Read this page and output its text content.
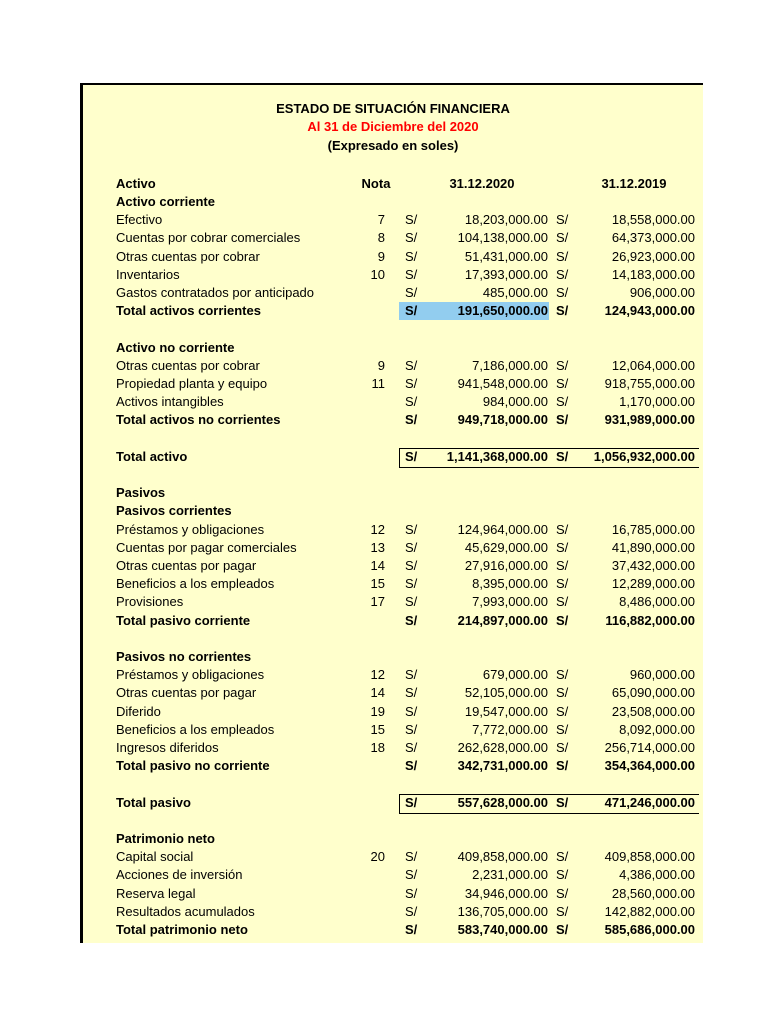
ESTADO DE SITUACIÓN FINANCIERA
Al 31 de Diciembre del 2020
(Expresado en soles)
Activo	Nota	31.12.2020	31.12.2019
Activo corriente
Efectivo	7 S/	18,203,000.00 S/	18,558,000.00
Cuentas por cobrar comerciales	8 S/	104,138,000.00 S/	64,373,000.00
Otras cuentas por cobrar	9 S/	51,431,000.00 S/	26,923,000.00
Inventarios	10 S/	17,393,000.00 S/	14,183,000.00
Gastos contratados por anticipado	S/	485,000.00 S/	906,000.00
Total activos corrientes	S/	191,650,000.00 S/	124,943,000.00
Activo no corriente
Otras cuentas por cobrar	9 S/	7,186,000.00 S/	12,064,000.00
Propiedad planta y equipo	11 S/	941,548,000.00 S/	918,755,000.00
Activos intangibles	S/	984,000.00 S/	1,170,000.00
Total activos no corrientes	S/	949,718,000.00 S/	931,989,000.00
Total activo	S/	1,141,368,000.00 S/	1,056,932,000.00
Pasivos
Pasivos corrientes
Préstamos y obligaciones	12 S/	124,964,000.00 S/	16,785,000.00
Cuentas por pagar comerciales	13 S/	45,629,000.00 S/	41,890,000.00
Otras cuentas por pagar	14 S/	27,916,000.00 S/	37,432,000.00
Beneficios a los empleados	15 S/	8,395,000.00 S/	12,289,000.00
Provisiones	17 S/	7,993,000.00 S/	8,486,000.00
Total pasivo corriente	S/	214,897,000.00 S/	116,882,000.00
Pasivos no corrientes
Préstamos y obligaciones	12 S/	679,000.00 S/	960,000.00
Otras cuentas por pagar	14 S/	52,105,000.00 S/	65,090,000.00
Diferido	19 S/	19,547,000.00 S/	23,508,000.00
Beneficios a los empleados	15 S/	7,772,000.00 S/	8,092,000.00
Ingresos diferidos	18 S/	262,628,000.00 S/	256,714,000.00
Total pasivo no corriente	S/	342,731,000.00 S/	354,364,000.00
Total pasivo	S/	557,628,000.00 S/	471,246,000.00
Patrimonio neto
Capital social	20 S/	409,858,000.00 S/	409,858,000.00
Acciones de inversión	S/	2,231,000.00 S/	4,386,000.00
Reserva legal	S/	34,946,000.00 S/	28,560,000.00
Resultados acumulados	S/	136,705,000.00 S/	142,882,000.00
Total patrimonio neto	S/	583,740,000.00 S/	585,686,000.00
